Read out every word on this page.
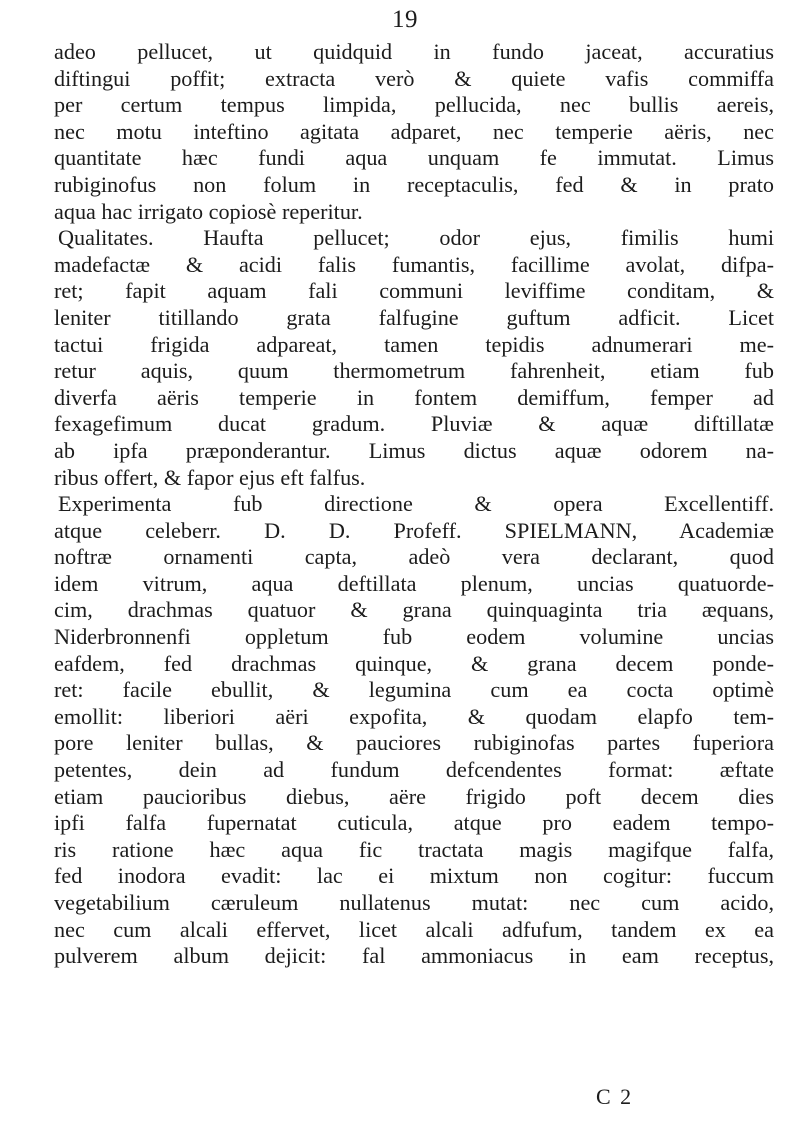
19
adeo pellucet, ut quidquid in fundo jaceat, accuratius
diftingui poffit; extracta verò & quiete vafis commiffa
per certum tempus limpida, pellucida, nec bullis aereis,
nec motu inteftino agitata adparet, nec temperie aëris, nec
quantitate hæc fundi aqua unquam fe immutat. Limus
rubiginofus non folum in receptaculis, fed & in prato
aqua hac irrigato copiosè reperitur.
Qualitates. Haufta pellucet; odor ejus, fimilis humi
madefactæ & acidi falis fumantis, facillime avolat, difpa-
ret; fapit aquam fali communi leviffime conditam, &
leniter titillando grata falfugine guftum adficit. Licet
tactui frigida adpareat, tamen tepidis adnumerari me-
retur aquis, quum thermometrum fahrenheit, etiam fub
diverfa aëris temperie in fontem demiffum, femper ad
fexagefimum ducat gradum. Pluviæ & aquæ diftillatæ
ab ipfa præponderantur. Limus dictus aquæ odorem na-
ribus offert, & fapor ejus eft falfus.
Experimenta fub directione & opera Excellentiff.
atque celeberr. D. D. Profeff. SPIELMANN, Academiæ
noftræ ornamenti capta, adeò vera declarant, quod
idem vitrum, aqua deftillata plenum, uncias quatuorde-
cim, drachmas quatuor & grana quinquaginta tria æquans,
Niderbronnenfi oppletum fub eodem volumine uncias
eafdem, fed drachmas quinque, & grana decem ponde-
ret: facile ebullit, & legumina cum ea cocta optimè
emollit: liberiori aëri expofita, & quodam elapfo tem-
pore leniter bullas, & pauciores rubiginofas partes fuperiora
petentes, dein ad fundum defcendentes format: æftate
etiam paucioribus diebus, aëre frigido poft decem dies
ipfi falfa fupernatat cuticula, atque pro eadem tempo-
ris ratione hæc aqua fic tractata magis magifque falfa,
fed inodora evadit: lac ei mixtum non cogitur: fuccum
vegetabilium cæruleum nullatenus mutat: nec cum acido,
nec cum alcali effervet, licet alcali adfufum, tandem ex ea
pulverem album dejicit: fal ammoniacus in eam receptus,
C 2
